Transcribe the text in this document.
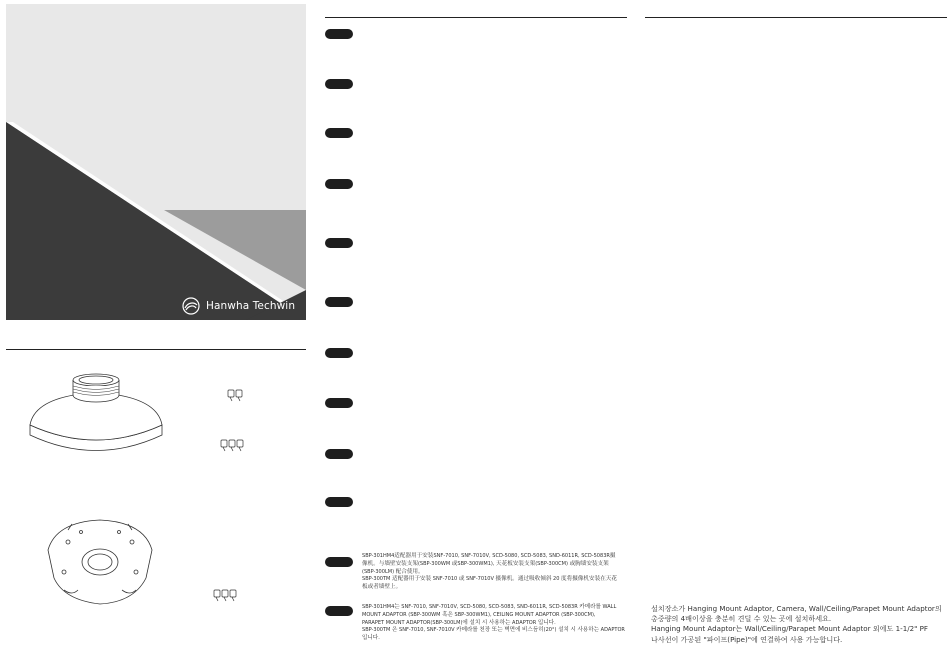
Hanwha Techwin

SBP-301HM4适配器用于安装SNF-7010, SNF-7010V, SCD-5080, SCD-5083, SND-6011R, SCD-5083R摄

像机。与墙壁安装支架(SBP-300WM 或SBP-300WM1), 天花板安装支架(SBP-300CM) 或胸墙安装支架

(SBP-300LM) 配合使用。

SBP-300TM 适配器用于安装 SNF-7010 或 SNF-7010V 摄像机。通过吸收倾斜 20 度将摄像机安装在天花

板或者墙壁上。

SBP-301HM4는 SNF-7010, SNF-7010V, SCD-5080, SCD-5083, SND-6011R, SCD-5083R 카메라를 WALL

MOUNT ADAPTOR (SBP-300WM 혹은 SBP-300WM1), CEILING MOUNT ADAPTOR (SBP-300CM),

PARAPET MOUNT ADAPTOR(SBP-300LM)에 설치 시 사용하는 ADAPTOR 입니다.

SBP-300TM 은 SNF-7010, SNF-7010V 카메라를 천장 또는 벽면에 비스듬히(20°) 설치 시 사용하는 ADAPTOR

입니다.

설치장소가 Hanging Mount Adaptor, Camera, Wall/Ceiling/Parapet Mount Adaptor의

총중량의 4배이상을 충분히 견딜 수 있는 곳에 설치하세요.

Hanging Mount Adaptor는 Wall/Ceiling/Parapet Mount Adaptor 외에도 1-1/2" PF

나사선이 가공된 "파이프(Pipe)"에 연결하여 사용 가능합니다.
